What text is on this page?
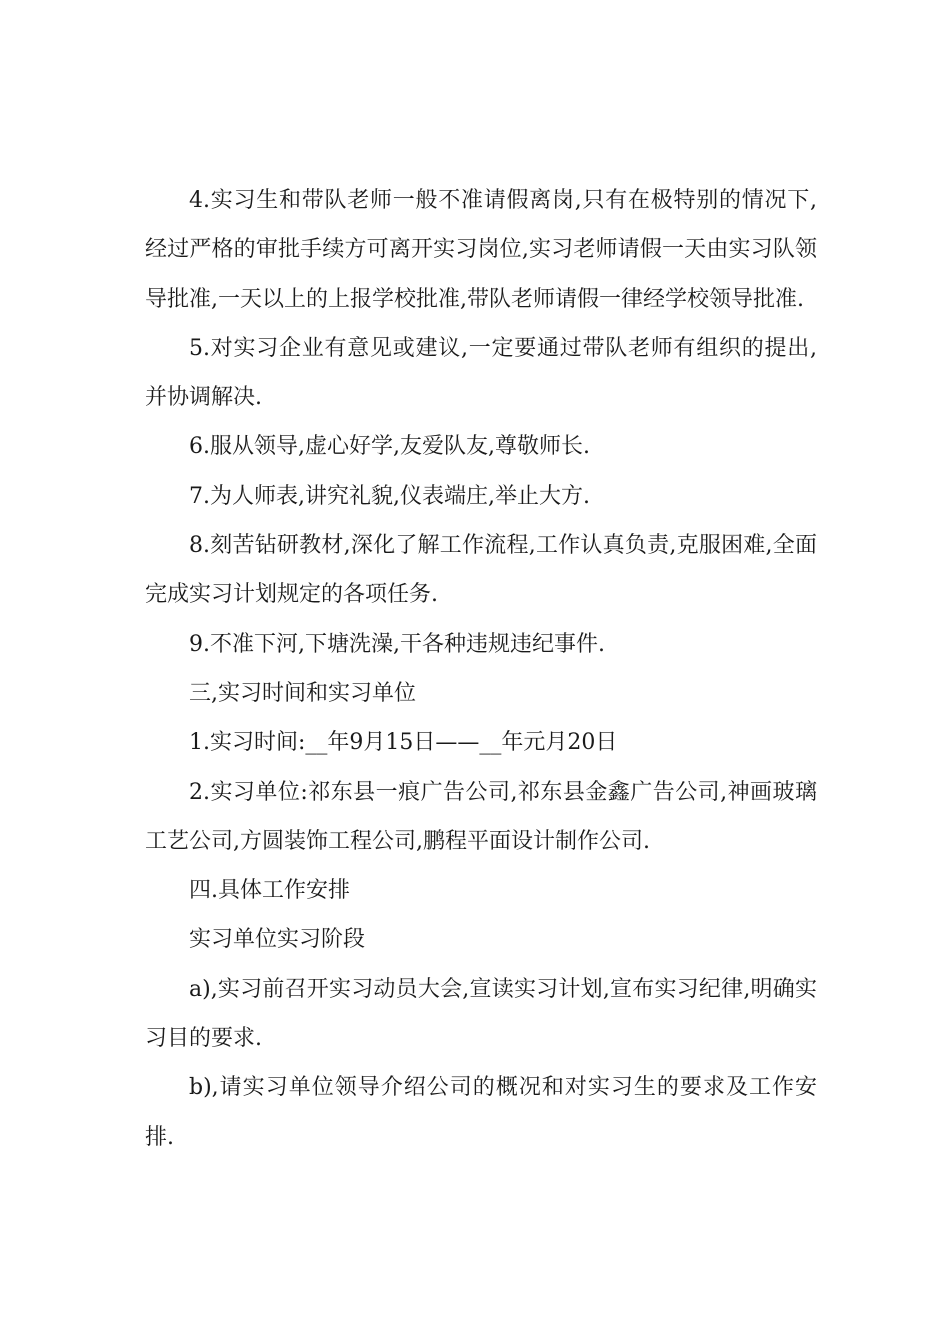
4.实习生和带队老师一般不准请假离岗,只有在极特别的情况下,经过严格的审批手续方可离开实习岗位,实习老师请假一天由实习队领导批准,一天以上的上报学校批准,带队老师请假一律经学校领导批准.

5.对实习企业有意见或建议,一定要通过带队老师有组织的提出,并协调解决.

6.服从领导,虚心好学,友爱队友,尊敬师长.

7.为人师表,讲究礼貌,仪表端庄,举止大方.

8.刻苦钻研教材,深化了解工作流程,工作认真负责,克服困难,全面完成实习计划规定的各项任务.

9.不准下河,下塘洗澡,干各种违规违纪事件.

三,实习时间和实习单位

1.实习时间:__年9月15日——__年元月20日

2.实习单位:祁东县一痕广告公司,祁东县金鑫广告公司,神画玻璃工艺公司,方圆装饰工程公司,鹏程平面设计制作公司.

四.具体工作安排

实习单位实习阶段

a),实习前召开实习动员大会,宣读实习计划,宣布实习纪律,明确实习目的要求.

b),请实习单位领导介绍公司的概况和对实习生的要求及工作安排.
